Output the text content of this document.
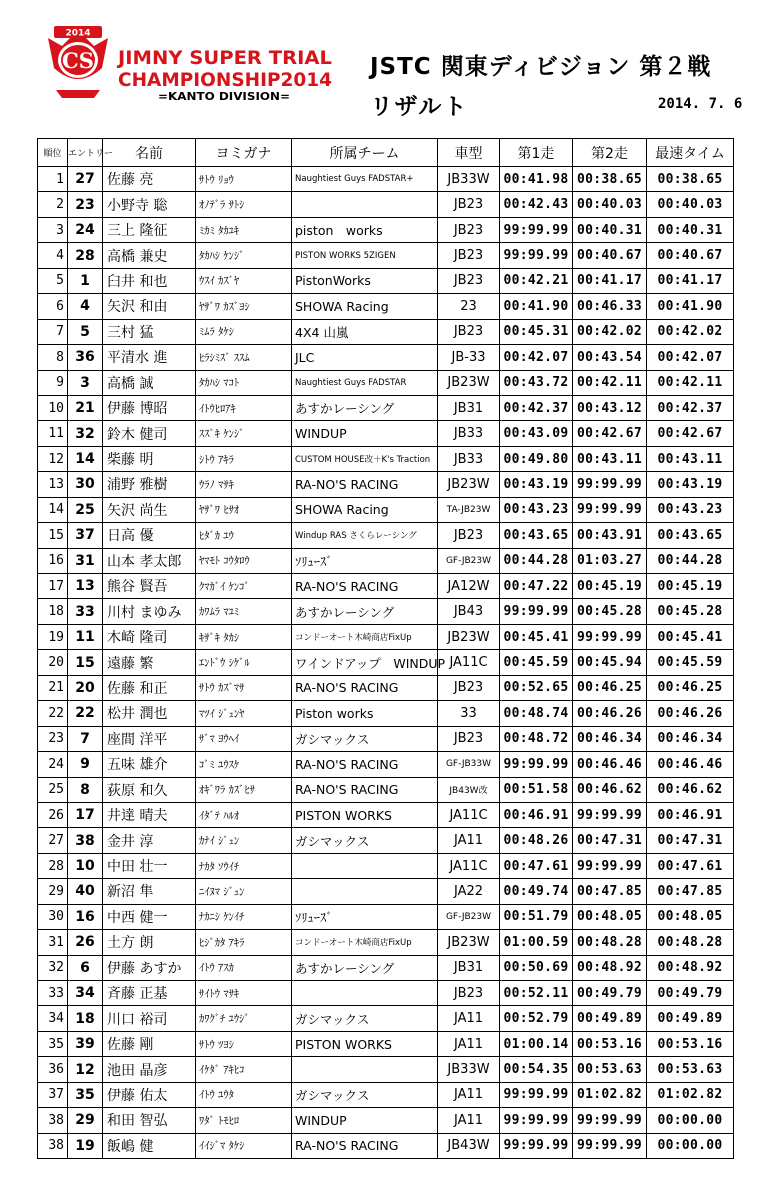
CS
2014
JIMNY SUPER TRIAL
CHAMPIONSHIP2014
=KANTO DIVISION=
JSTC 関東ディビジョン 第２戦
リザルト	2014. 7. 6
順位	エントリー	名前	ヨミガナ	所属チーム	車型	第1走	第2走	最速タイム
1	27	佐藤 亮	ｻﾄｳ ﾘｮｳ	Naughtiest Guys FADSTAR+	JB33W	00:41.98	00:38.65	00:38.65
2	23	小野寺 聡	ｵﾉﾃﾞﾗ ｻﾄｼ		JB23	00:42.43	00:40.03	00:40.03
3	24	三上 隆征	ﾐｶﾐ ﾀｶﾕｷ	piston　works	JB23	99:99.99	00:40.31	00:40.31
4	28	高橋 兼史	ﾀｶﾊｼ ｹﾝｼﾞ	PISTON WORKS 5ZIGEN	JB23	99:99.99	00:40.67	00:40.67
5	1	臼井 和也	ｳｽｲ ｶｽﾞﾔ	PistonWorks	JB23	00:42.21	00:41.17	00:41.17
6	4	矢沢 和由	ﾔｻﾞﾜ ｶｽﾞﾖｼ	SHOWA Racing	23	00:41.90	00:46.33	00:41.90
7	5	三村 猛	ﾐﾑﾗ ﾀｹｼ	4X4 山嵐	JB23	00:45.31	00:42.02	00:42.02
8	36	平清水 進	ﾋﾗｼﾐｽﾞ ｽｽﾑ	JLC	JB-33	00:42.07	00:43.54	00:42.07
9	3	高橋 誠	ﾀｶﾊｼ ﾏｺﾄ	Naughtiest Guys FADSTAR	JB23W	00:43.72	00:42.11	00:42.11
10	21	伊藤 博昭	ｲﾄｳﾋﾛｱｷ	あすかレーシング	JB31	00:42.37	00:43.12	00:42.37
11	32	鈴木 健司	ｽｽﾞｷ ｹﾝｼﾞ	WINDUP	JB33	00:43.09	00:42.67	00:42.67
12	14	柴藤 明	ｼﾄｳ ｱｷﾗ	CUSTOM HOUSE改＋K's Traction	JB33	00:49.80	00:43.11	00:43.11
13	30	浦野 雅樹	ｳﾗﾉ ﾏｻｷ	RA-NO'S RACING	JB23W	00:43.19	99:99.99	00:43.19
14	25	矢沢 尚生	ﾔｻﾞﾜ ﾋｻｵ	SHOWA Racing	TA-JB23W	00:43.23	99:99.99	00:43.23
15	37	日高 優	ﾋﾀﾞｶ ﾕｳ	Windup RAS さくらレーシング	JB23	00:43.65	00:43.91	00:43.65
16	31	山本 孝太郎	ﾔﾏﾓﾄ ｺｳﾀﾛｳ	ｿﾘｭｰｽﾞ	GF-JB23W	00:44.28	01:03.27	00:44.28
17	13	熊谷 賢吾	ｸﾏｶﾞｲ ｹﾝｺﾞ	RA-NO'S RACING	JA12W	00:47.22	00:45.19	00:45.19
18	33	川村 まゆみ	ｶﾜﾑﾗ ﾏﾕﾐ	あすかレーシング	JB43	99:99.99	00:45.28	00:45.28
19	11	木崎 隆司	ｷｻﾞｷ ﾀｶｼ	コンドーオート木崎商店FixUp	JB23W	00:45.41	99:99.99	00:45.41
20	15	遠藤 繁	ｴﾝﾄﾞｳ ｼｹﾞﾙ	ワインドアップ　WINDUP	JA11C	00:45.59	00:45.94	00:45.59
21	20	佐藤 和正	ｻﾄｳ ｶｽﾞﾏｻ	RA-NO'S RACING	JB23	00:52.65	00:46.25	00:46.25
22	22	松井 潤也	ﾏﾂｲ ｼﾞｭﾝﾔ	Piston works	33	00:48.74	00:46.26	00:46.26
23	7	座間 洋平	ｻﾞﾏ ﾖｳﾍｲ	ガシマックス	JB23	00:48.72	00:46.34	00:46.34
24	9	五味 雄介	ｺﾞﾐ ﾕｳｽｹ	RA-NO'S RACING	GF-JB33W	99:99.99	00:46.46	00:46.46
25	8	荻原 和久	ｵｷﾞﾜﾗ ｶｽﾞﾋｻ	RA-NO'S RACING	JB43W改	00:51.58	00:46.62	00:46.62
26	17	井達 晴夫	ｲﾀﾞﾃ ﾊﾙｵ	PISTON WORKS	JA11C	00:46.91	99:99.99	00:46.91
27	38	金井 淳	ｶﾅｲ ｼﾞｭﾝ	ガシマックス	JA11	00:48.26	00:47.31	00:47.31
28	10	中田 壮一	ﾅｶﾀ ｿｳｲﾁ		JA11C	00:47.61	99:99.99	00:47.61
29	40	新沼 隼	ﾆｲﾇﾏ ｼﾞｭﾝ		JA22	00:49.74	00:47.85	00:47.85
30	16	中西 健一	ﾅｶﾆｼ ｹﾝｲﾁ	ｿﾘｭｰｽﾞ	GF-JB23W	00:51.79	00:48.05	00:48.05
31	26	土方 朗	ﾋｼﾞｶﾀ ｱｷﾗ	コンドーオート木崎商店FixUp	JB23W	01:00.59	00:48.28	00:48.28
32	6	伊藤 あすか	ｲﾄｳ ｱｽｶ	あすかレーシング	JB31	00:50.69	00:48.92	00:48.92
33	34	斉藤 正基	ｻｲﾄｳ ﾏｻｷ		JB23	00:52.11	00:49.79	00:49.79
34	18	川口 裕司	ｶﾜｸﾞﾁ ﾕｳｼﾞ	ガシマックス	JA11	00:52.79	00:49.89	00:49.89
35	39	佐藤 剛	ｻﾄｳ ﾂﾖｼ	PISTON WORKS	JA11	01:00.14	00:53.16	00:53.16
36	12	池田 晶彦	ｲｹﾀﾞ ｱｷﾋｺ		JB33W	00:54.35	00:53.63	00:53.63
37	35	伊藤 佑太	ｲﾄｳ ﾕｳﾀ	ガシマックス	JA11	99:99.99	01:02.82	01:02.82
38	29	和田 智弘	ﾜﾀﾞ ﾄﾓﾋﾛ	WINDUP	JA11	99:99.99	99:99.99	00:00.00
38	19	飯嶋 健	ｲｲｼﾞﾏ ﾀｹｼ	RA-NO'S RACING	JB43W	99:99.99	99:99.99	00:00.00
